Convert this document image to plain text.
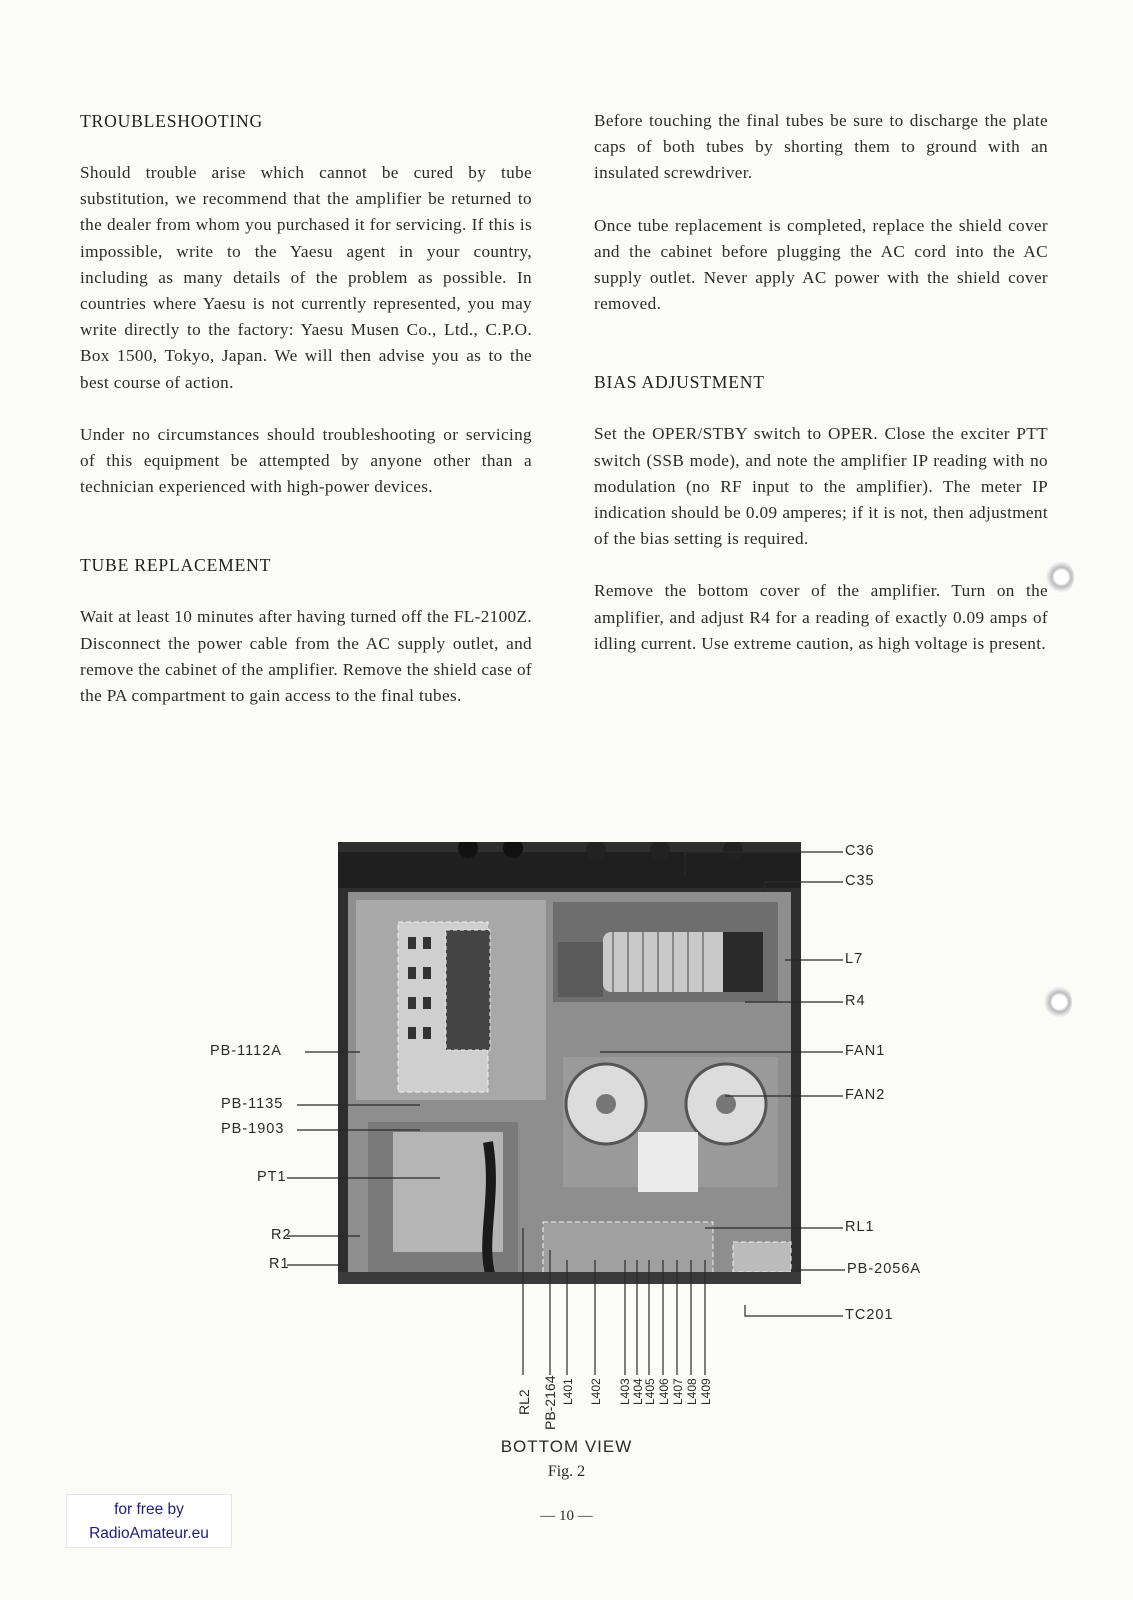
TROUBLESHOOTING

Should trouble arise which cannot be cured by tube substitution, we recommend that the amplifier be returned to the dealer from whom you purchased it for servicing. If this is impossible, write to the Yaesu agent in your country, including as many details of the problem as possible. In countries where Yaesu is not currently represented, you may write directly to the factory: Yaesu Musen Co., Ltd., C.P.O. Box 1500, Tokyo, Japan. We will then advise you as to the best course of action.

Under no circumstances should troubleshooting or servicing of this equipment be attempted by anyone other than a technician experienced with high-power devices.

TUBE REPLACEMENT

Wait at least 10 minutes after having turned off the FL-2100Z. Disconnect the power cable from the AC supply outlet, and remove the cabinet of the amplifier. Remove the shield case of the PA compartment to gain access to the final tubes.

Before touching the final tubes be sure to discharge the plate caps of both tubes by shorting them to ground with an insulated screwdriver.

Once tube replacement is completed, replace the shield cover and the cabinet before plugging the AC cord into the AC supply outlet. Never apply AC power with the shield cover removed.

BIAS ADJUSTMENT

Set the OPER/STBY switch to OPER. Close the exciter PTT switch (SSB mode), and note the amplifier IP reading with no modulation (no RF input to the amplifier). The meter IP indication should be 0.09 amperes; if it is not, then adjustment of the bias setting is required.

Remove the bottom cover of the amplifier. Turn on the amplifier, and adjust R4 for a reading of exactly 0.09 amps of idling current. Use extreme caution, as high voltage is present.

PB-1112A
PB-1135
PB-1903
PT1
R2
R1
C36
C35
L7
R4
FAN1
FAN2
RL1
PB-2056A
TC201
RL2 PB-2164 L401 L402 L403 L404
L405 L406 L407 L408 L409
BOTTOM VIEW
Fig. 2
— 10 —
for free by
RadioAmateur.eu
